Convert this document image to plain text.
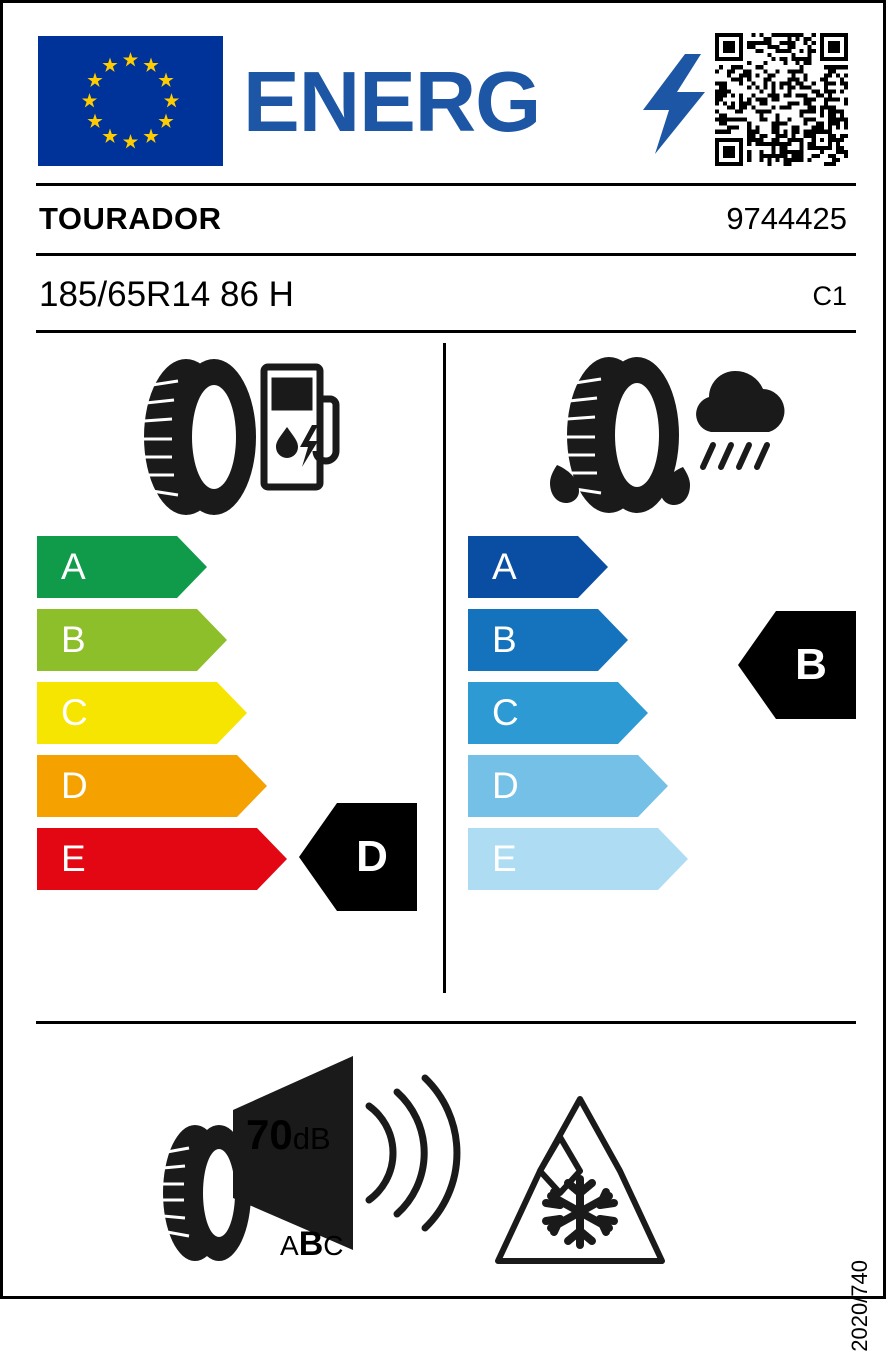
ENERG
TOURADOR	9744425
185/65R14 86 H	C1
A
B
C
D
E	D
A
B
C
D
E
B
70dB
ABC
2020/740
